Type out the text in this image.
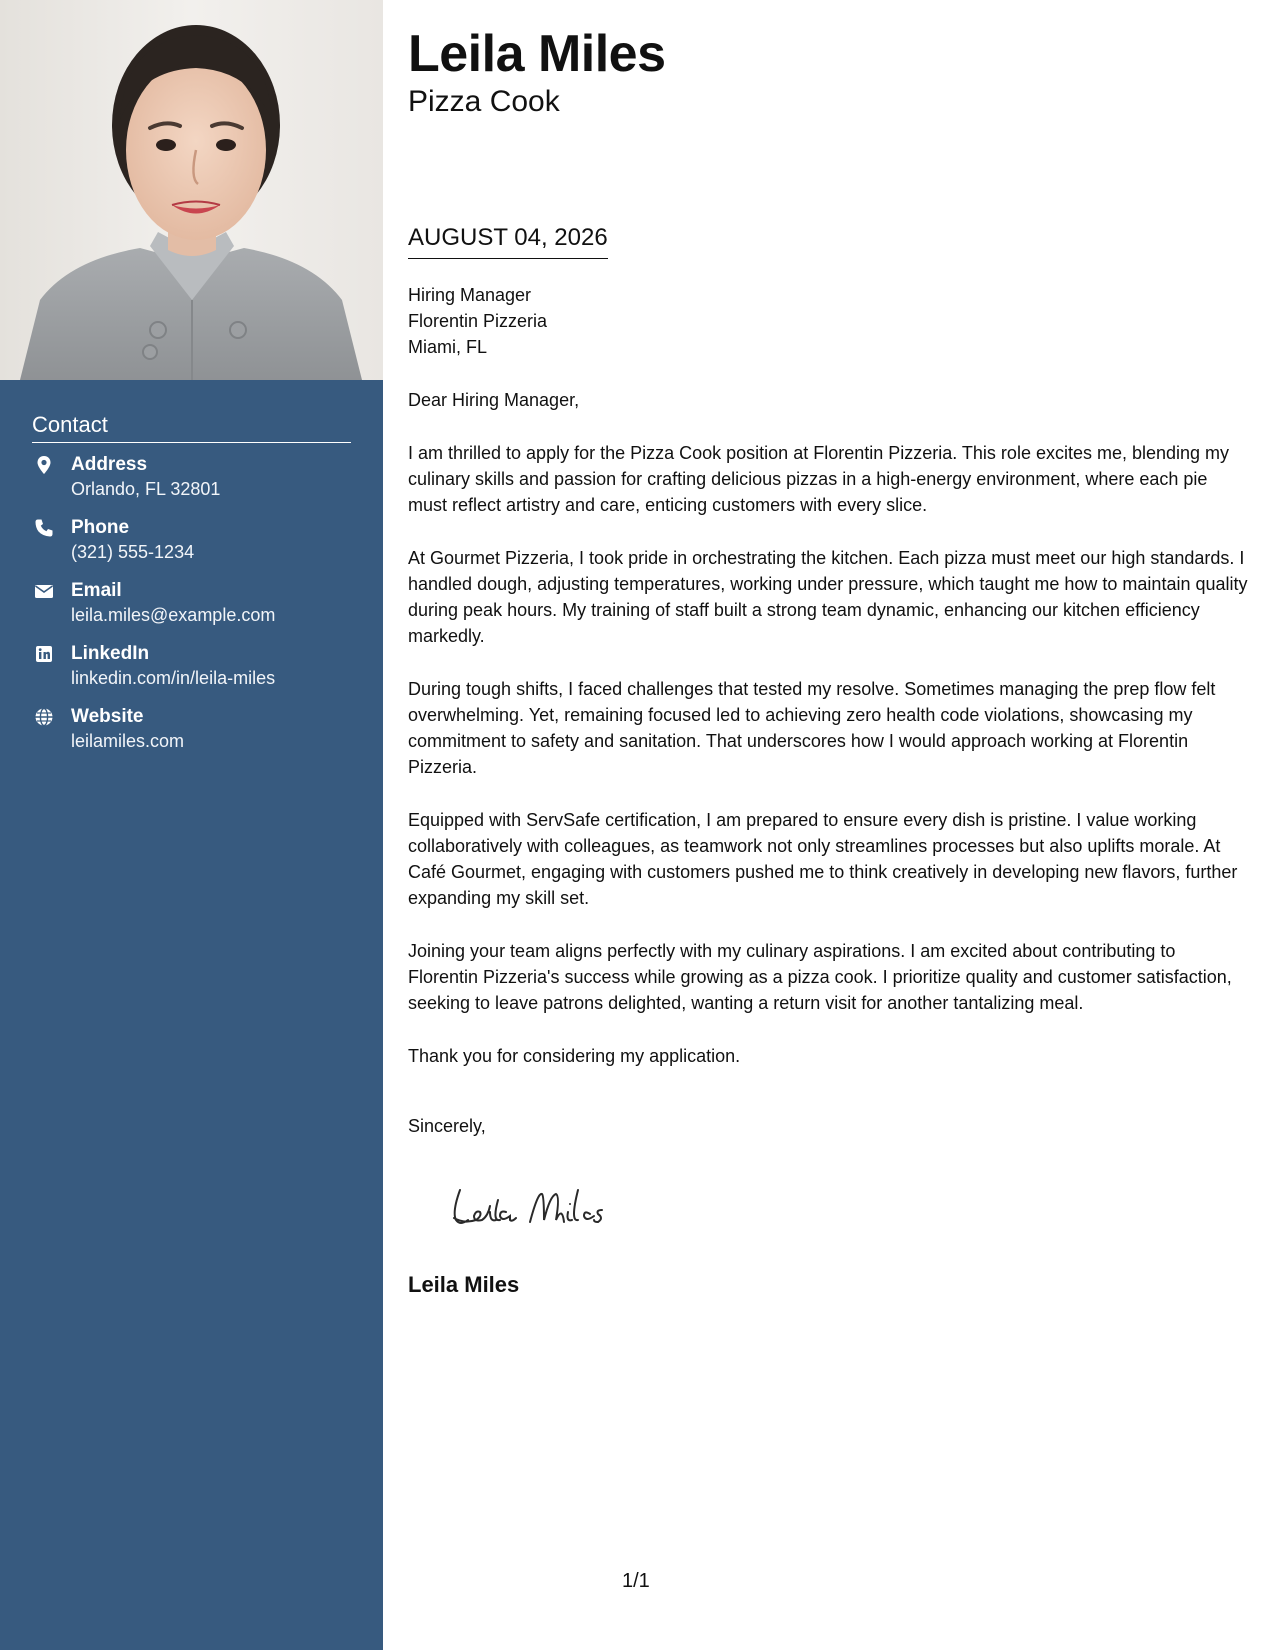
Contact
Address
Orlando, FL 32801
Phone
(321) 555-1234
Email
leila.miles@example.com
LinkedIn
linkedin.com/in/leila-miles
Website
leilamiles.com
Leila Miles
Pizza Cook
AUGUST 04, 2026

Hiring Manager

Florentin Pizzeria

Miami, FL

Dear Hiring Manager,

I am thrilled to apply for the Pizza Cook position at Florentin Pizzeria. This role excites me, blending my culinary skills and passion for crafting delicious pizzas in a high-energy environment, where each pie must reflect artistry and care, enticing customers with every slice.

At Gourmet Pizzeria, I took pride in orchestrating the kitchen. Each pizza must meet our high standards. I handled dough, adjusting temperatures, working under pressure, which taught me how to maintain quality during peak hours. My training of staff built a strong team dynamic, enhancing our kitchen efficiency markedly.

During tough shifts, I faced challenges that tested my resolve. Sometimes managing the prep flow felt overwhelming. Yet, remaining focused led to achieving zero health code violations, showcasing my commitment to safety and sanitation. That underscores how I would approach working at Florentin Pizzeria.

Equipped with ServSafe certification, I am prepared to ensure every dish is pristine. I value working collaboratively with colleagues, as teamwork not only streamlines processes but also uplifts morale. At Café Gourmet, engaging with customers pushed me to think creatively in developing new flavors, further expanding my skill set.

Joining your team aligns perfectly with my culinary aspirations. I am excited about contributing to Florentin Pizzeria's success while growing as a pizza cook. I prioritize quality and customer satisfaction, seeking to leave patrons delighted, wanting a return visit for another tantalizing meal.

Thank you for considering my application.

Sincerely,

Leila Miles
1/1
